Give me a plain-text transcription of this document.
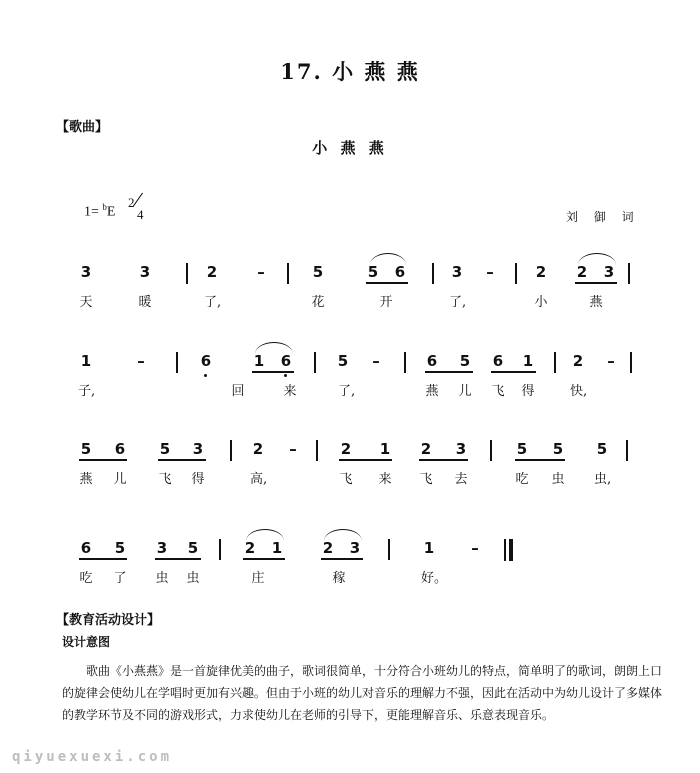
17. 小 燕 燕
【歌曲】
小 燕 燕
1= $^b$E
2
4	刘 御 词
3	3	2	–	5	5 6	3 –	2 2 3
天	暖	了,	花	开	了,	小	燕
1	–	6	1 6	5 –	6 5 6 1	2 –
子,	回	来	了,	燕 儿 飞 得	快,
5 6 5 3	2 –	2 1 2 3	5 5 5
燕 儿 飞 得	高,	飞 来 飞 去	吃 虫 虫,
6 5 3 5	2 1	2 3	1 –
吃 了 虫 虫	庄	稼	好。
【教育活动设计】
设计意图

歌曲《小燕燕》是一首旋律优美的曲子，歌词很简单，十分符合小班幼儿的特点，简单明了的歌词，朗朗上口的旋律会使幼儿在学唱时更加有兴趣。但由于小班的幼儿对音乐的理解力不强，因此在活动中为幼儿设计了多媒体的教学环节及不同的游戏形式，力求使幼儿在老师的引导下，更能理解音乐、乐意表现音乐。

qiyuexuexi.com
